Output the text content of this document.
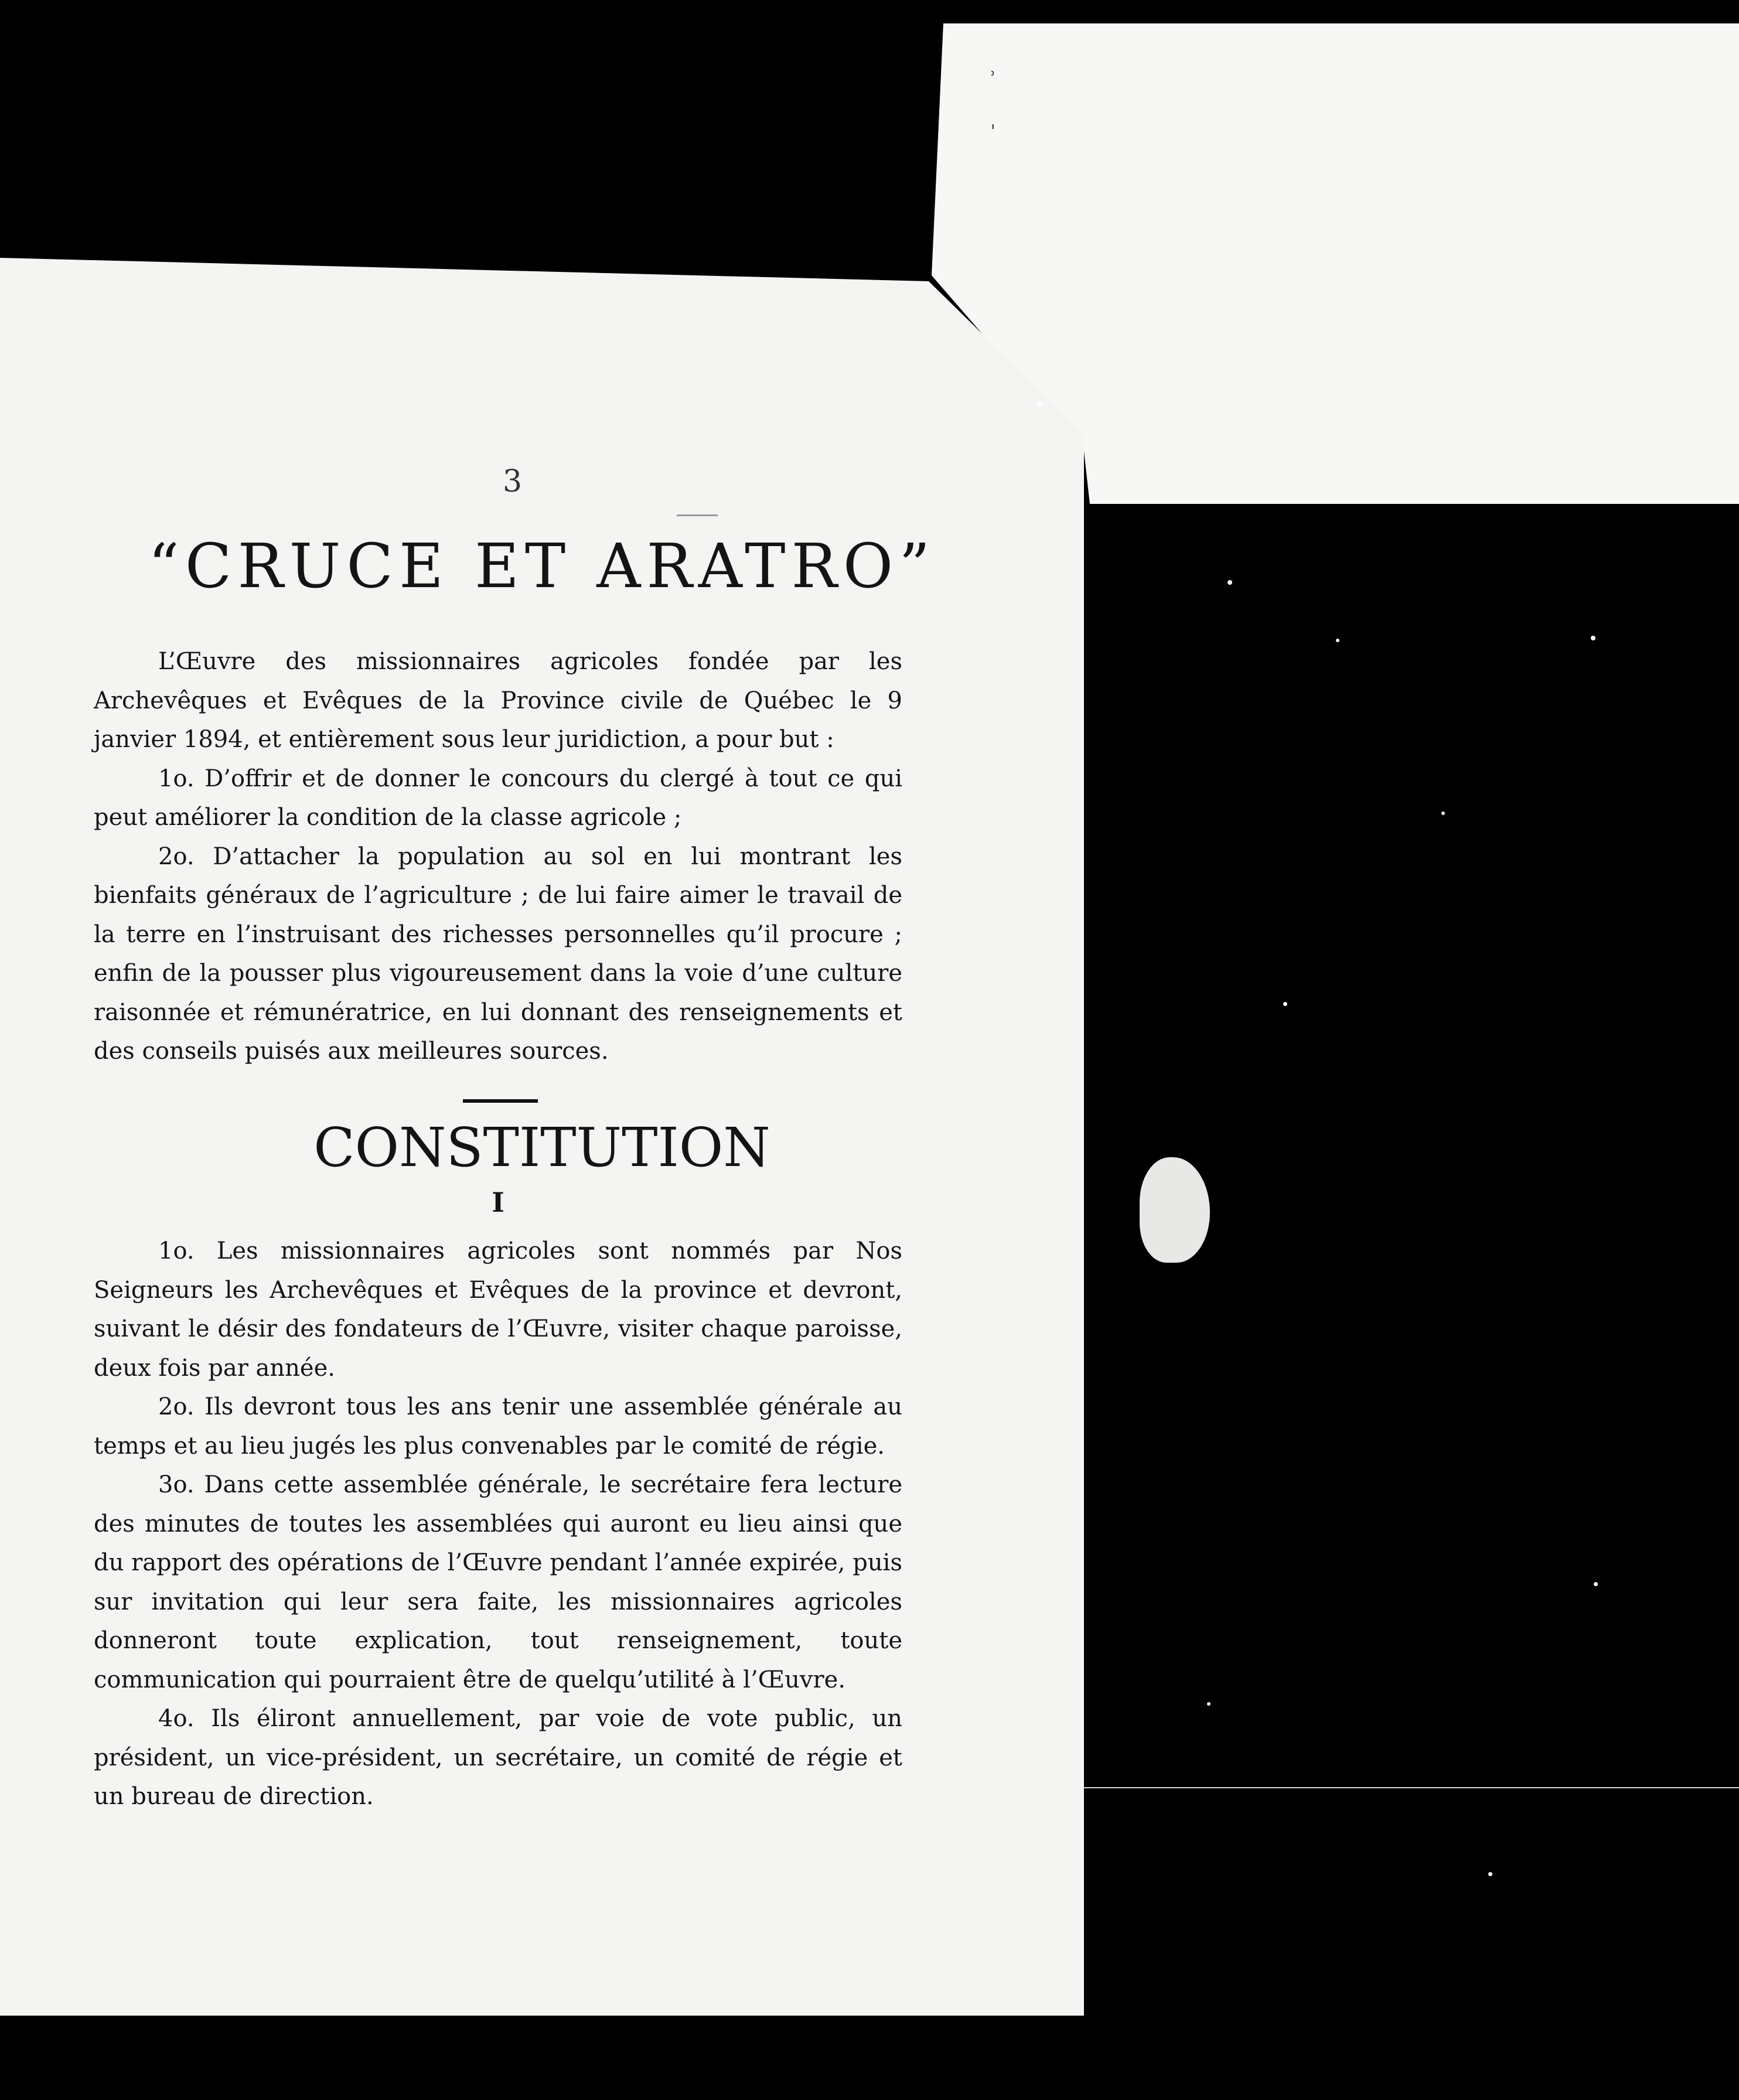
ʾ
ˌ
3
“CRUCE ET ARATRO”

L’Œuvre des missionnaires agricoles fondée par les Archevêques et Evêques de la Province civile de Québec le 9 janvier 1894, et entièrement sous leur juridiction, a pour but :

1o. D’offrir et de donner le concours du clergé à tout ce qui peut améliorer la condition de la classe agricole ;

2o. D’attacher la population au sol en lui montrant les bienfaits généraux de l’agriculture ; de lui faire aimer le travail de la terre en l’instruisant des richesses personnelles qu’il procure ; enfin de la pousser plus vigoureusement dans la voie d’une culture raisonnée et rémunératrice, en lui donnant des renseignements et des conseils puisés aux meilleures sources.

CONSTITUTION
I

1o. Les missionnaires agricoles sont nommés par Nos Seigneurs les Archevêques et Evêques de la province et devront, suivant le désir des fondateurs de l’Œuvre, visiter chaque paroisse, deux fois par année.

2o. Ils devront tous les ans tenir une assemblée générale au temps et au lieu jugés les plus convenables par le comité de régie.

3o. Dans cette assemblée générale, le secrétaire fera lecture des minutes de toutes les assemblées qui auront eu lieu ainsi que du rapport des opérations de l’Œuvre pendant l’année expirée, puis sur invitation qui leur sera faite, les missionnaires agricoles donneront toute explication, tout renseignement, toute communication qui pourraient être de quelqu’utilité à l’Œuvre.

4o. Ils éliront annuellement, par voie de vote public, un président, un vice-président, un secrétaire, un comité de régie et un bureau de direction.
